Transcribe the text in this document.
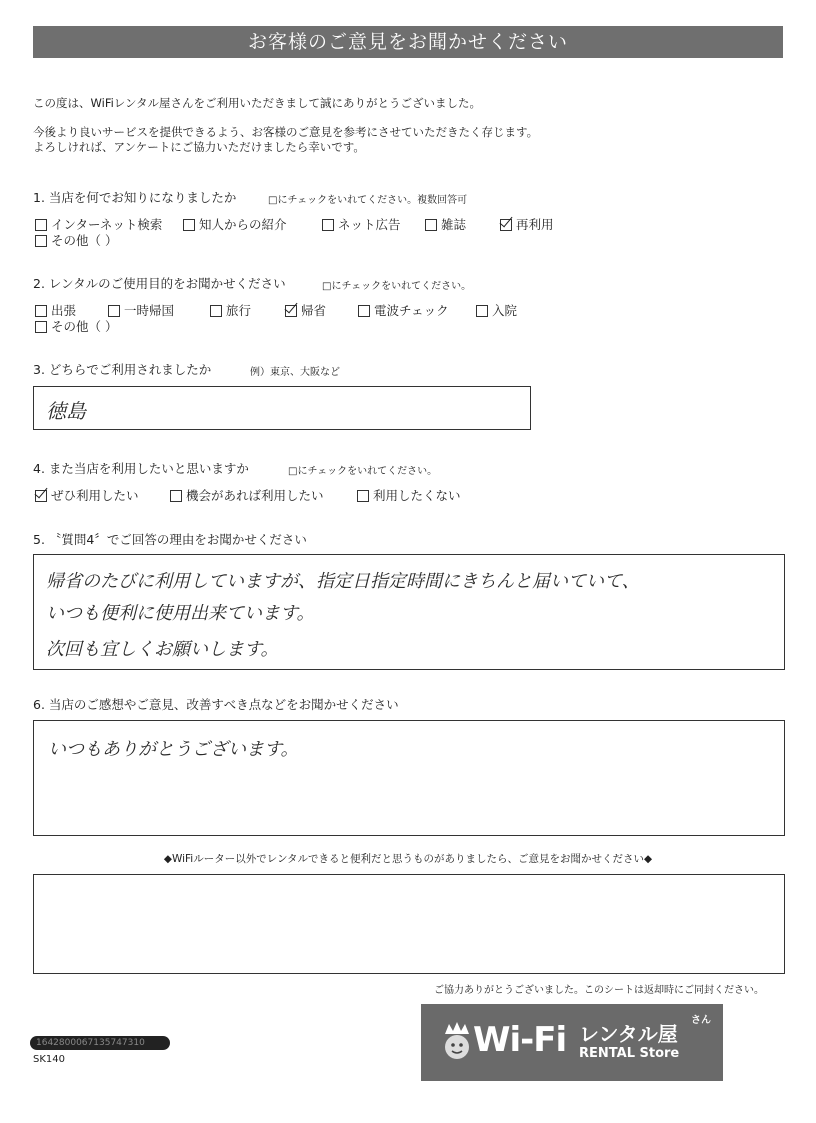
お客様のご意見をお聞かせください
この度は、WiFiレンタル屋さんをご利用いただきまして誠にありがとうございました。
今後より良いサービスを提供できるよう、お客様のご意見を参考にさせていただきたく存じます。
よろしければ、アンケートにご協力いただけましたら幸いです。
1. 当店を何でお知りになりましたか	□にチェックをいれてください。複数回答可
インターネット検索	知人からの紹介	ネット広告	雑誌	再利用
その他（ ）
2. レンタルのご使用目的をお聞かせください	□にチェックをいれてください。
出張	一時帰国	旅行	帰省	電波チェック	入院
その他（ ）
3. どちらでご利用されましたか	例）東京、大阪など
徳島
4. また当店を利用したいと思いますか	□にチェックをいれてください。
ぜひ利用したい	機会があれば利用したい	利用したくない
5. 〝質問4〞でご回答の理由をお聞かせください
帰省のたびに利用していますが、指定日指定時間にきちんと届いていて、
いつも便利に使用出来ています。
次回も宜しくお願いします。
6. 当店のご感想やご意見、改善すべき点などをお聞かせください
いつもありがとうございます。
◆WiFiルーター以外でレンタルできると便利だと思うものがありましたら、ご意見をお聞かせください◆
ご協力ありがとうございました。このシートは返却時にご同封ください。
1642800067135747310
SK140	Wi-Fi レンタル屋
さん
RENTAL Store
